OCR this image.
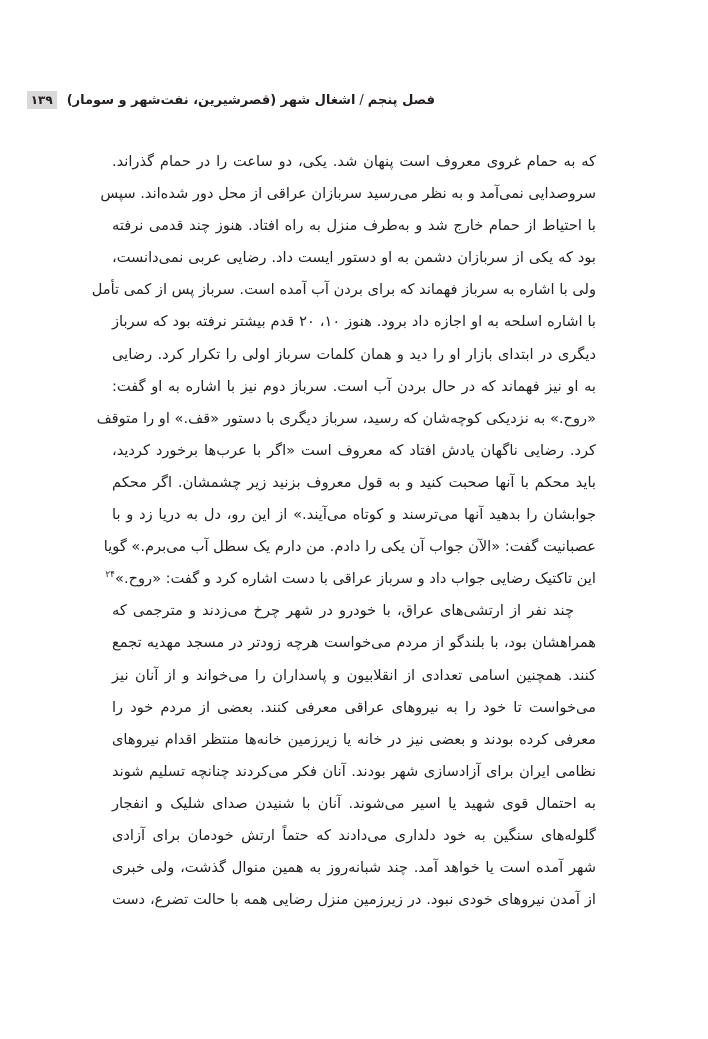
فصل پنجم
/
اشغال شهر (قصرشیرین، نفت‌شهر و سومار)
۱۳۹
که به حمام غروی معروف است پنهان شد. یکی، دو ساعت را در حمام گذراند.
سروصدایی نمی‌آمد و به نظر می‌رسید سربازان عراقی از محل دور شده‌اند. سپس
با احتیاط از حمام خارج شد و به‌طرف منزل به راه افتاد. هنوز چند قدمی نرفته
بود که یکی از سربازان دشمن به او دستور ایست داد. رضایی عربی نمی‌دانست،
ولی با اشاره به سرباز فهماند که برای بردن آب آمده است. سرباز پس از کمی تأمل
با اشاره اسلحه به او اجازه داد برود. هنوز ۱۰، ۲۰ قدم بیشتر نرفته بود که سرباز
دیگری در ابتدای بازار او را دید و همان کلمات سرباز اولی را تکرار کرد. رضایی
به او نیز فهماند که در حال بردن آب است. سرباز دوم نیز با اشاره به او گفت:
«روح.» به نزدیکی کوچه‌شان که رسید، سرباز دیگری با دستور «قف.» او را متوقف
کرد. رضایی ناگهان یادش افتاد که معروف است «اگر با عرب‌ها برخورد کردید،
باید محکم با آنها صحبت کنید و به قول معروف بزنید زیر چشمشان. اگر محکم
جوابشان را بدهید آنها می‌ترسند و کوتاه می‌آیند.» از این رو، دل به دریا زد و با
عصبانیت گفت: «الآن جواب آن یکی را دادم. من دارم یک سطل آب می‌برم.» گویا
این تاکتیک رضایی جواب داد و سرباز عراقی با دست اشاره کرد و گفت: «روح.»$^{۲۴}$
چند نفر از ارتشی‌های عراق، با خودرو در شهر چرخ می‌زدند و مترجمی که
همراهشان بود، با بلندگو از مردم می‌خواست هرچه زودتر در مسجد مهدیه تجمع
کنند. همچنین اسامی تعدادی از انقلابیون و پاسداران را می‌خواند و از آنان نیز
می‌خواست تا خود را به نیروهای عراقی معرفی کنند. بعضی از مردم خود را
معرفی کرده بودند و بعضی نیز در خانه یا زیرزمین خانه‌ها منتظر اقدام نیروهای
نظامی ایران برای آزادسازی شهر بودند. آنان فکر می‌کردند چنانچه تسلیم شوند
به احتمال قوی شهید یا اسیر می‌شوند. آنان با شنیدن صدای شلیک و انفجار
گلوله‌های سنگین به خود دلداری می‌دادند که حتماً ارتش خودمان برای آزادی
شهر آمده است یا خواهد آمد. چند شبانه‌روز به همین منوال گذشت، ولی خبری
از آمدن نیروهای خودی نبود. در زیرزمین منزل رضایی همه با حالت تضرع، دست
